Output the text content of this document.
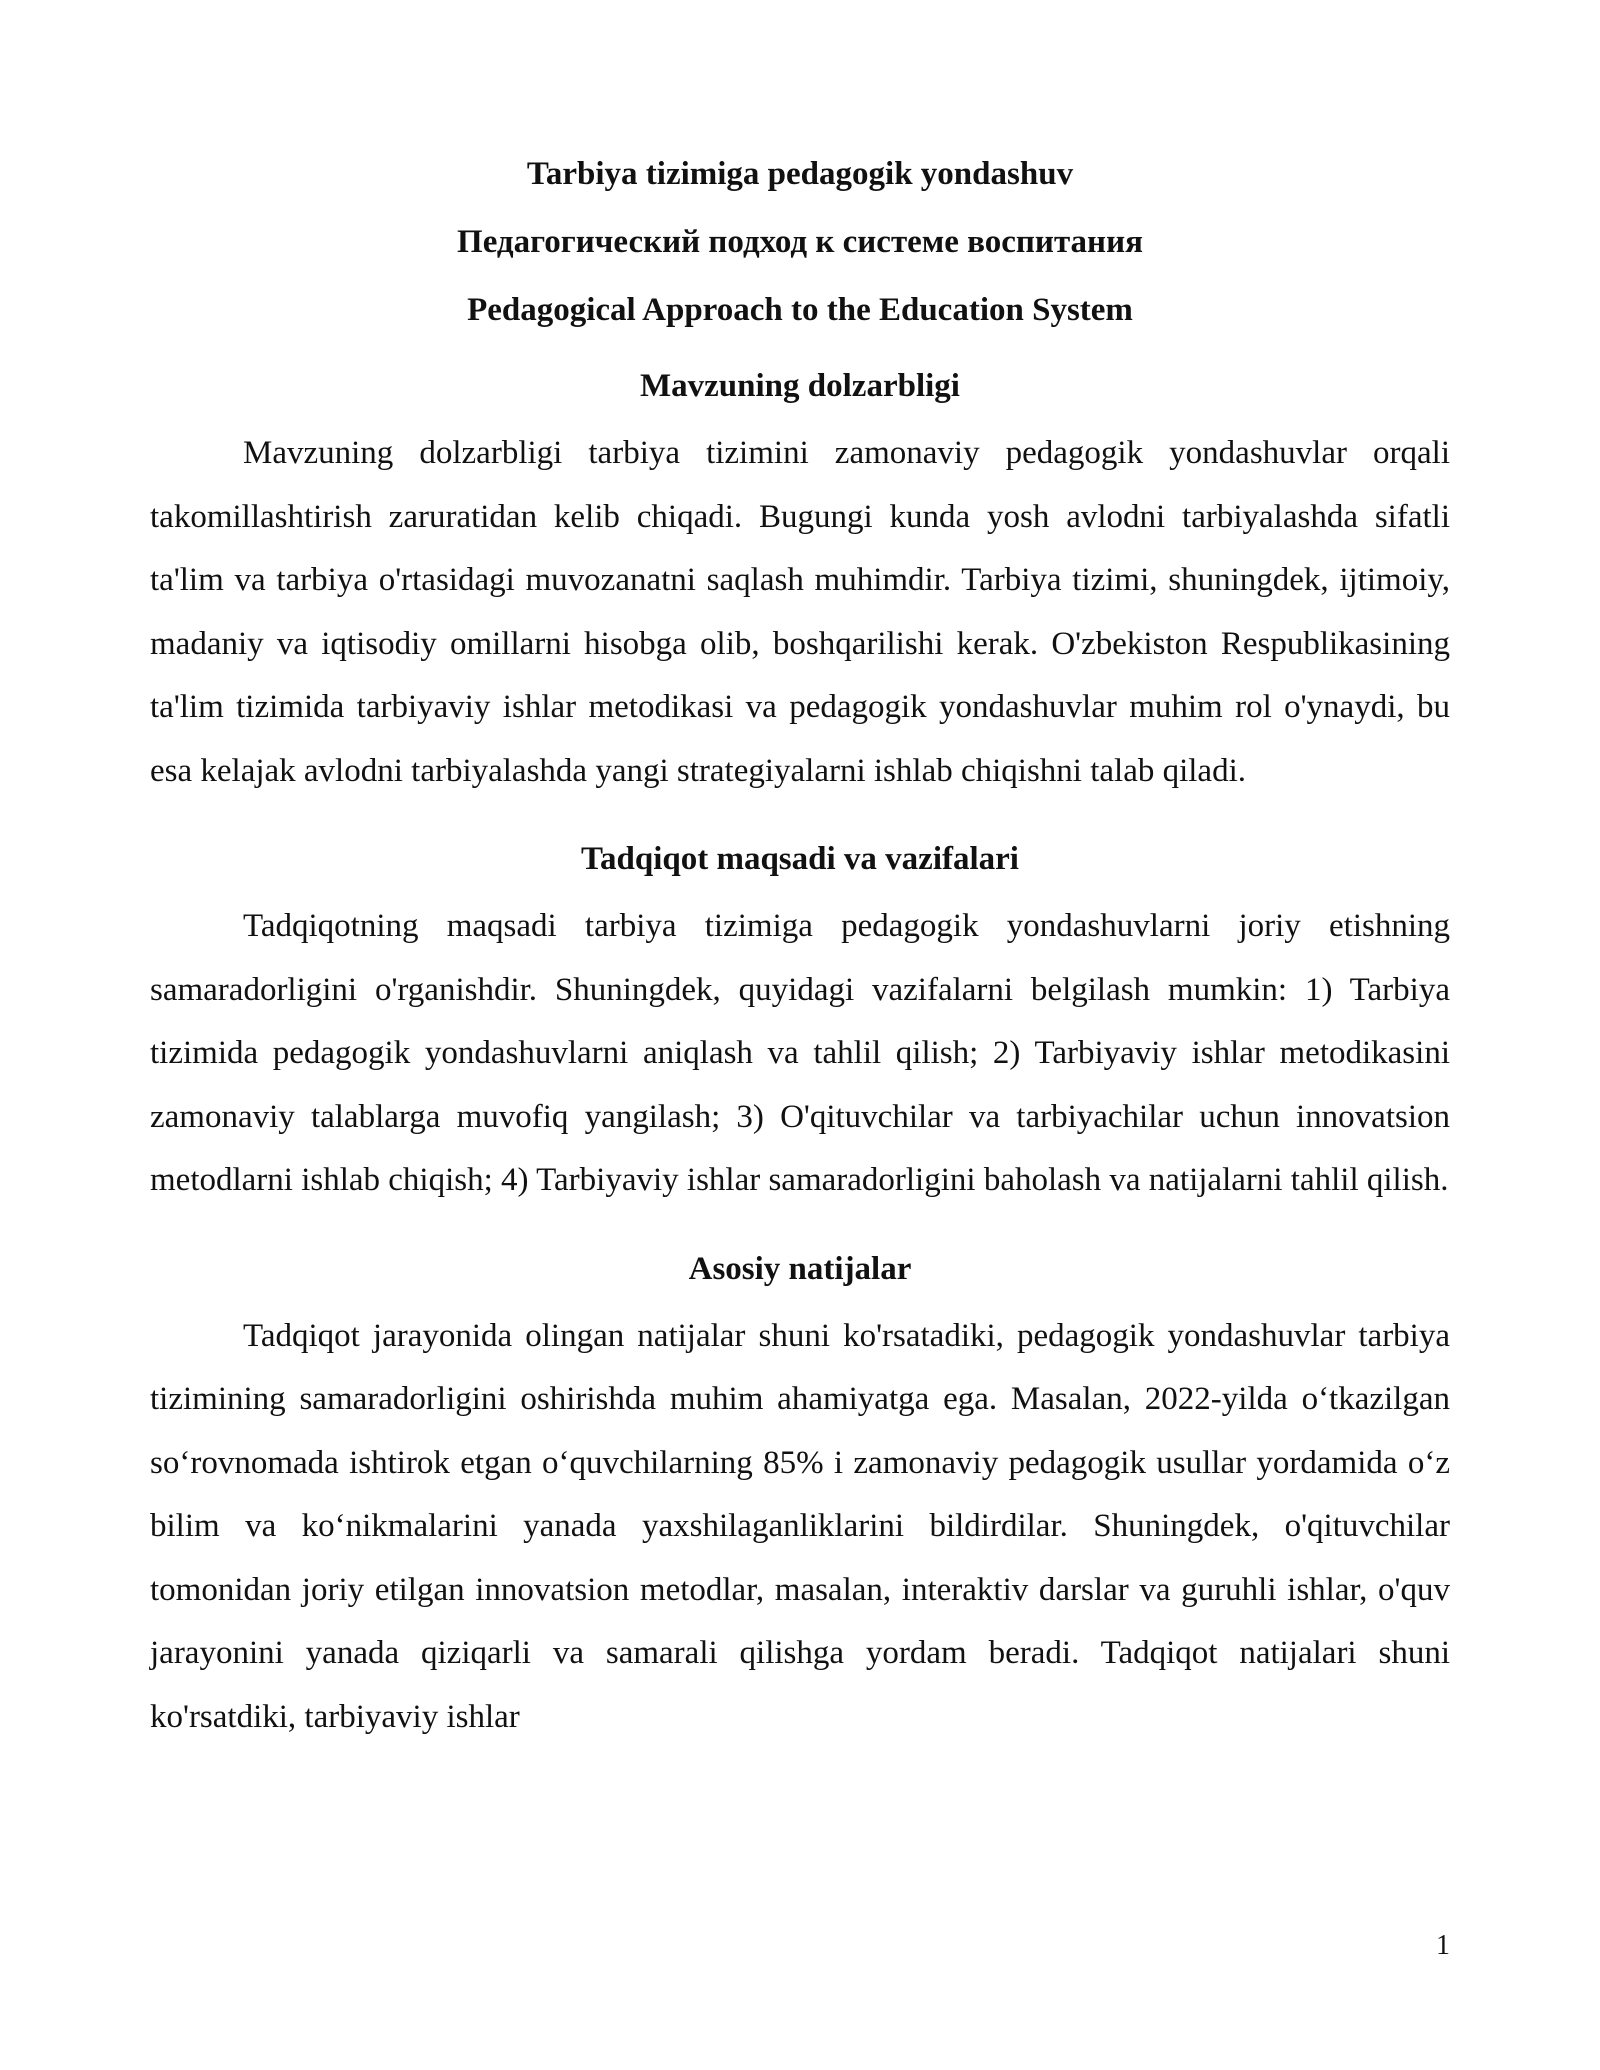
Tarbiya tizimiga pedagogik yondashuv

Педагогический подход к системе воспитания

Pedagogical Approach to the Education System

Mavzuning dolzarbligi

Mavzuning dolzarbligi tarbiya tizimini zamonaviy pedagogik yondashuvlar orqali takomillashtirish zaruratidan kelib chiqadi. Bugungi kunda yosh avlodni tarbiyalashda sifatli ta'lim va tarbiya o'rtasidagi muvozanatni saqlash muhimdir. Tarbiya tizimi, shuningdek, ijtimoiy, madaniy va iqtisodiy omillarni hisobga olib, boshqarilishi kerak. O'zbekiston Respublikasining ta'lim tizimida tarbiyaviy ishlar metodikasi va pedagogik yondashuvlar muhim rol o'ynaydi, bu esa kelajak avlodni tarbiyalashda yangi strategiyalarni ishlab chiqishni talab qiladi.

Tadqiqot maqsadi va vazifalari

Tadqiqotning maqsadi tarbiya tizimiga pedagogik yondashuvlarni joriy etishning samaradorligini o'rganishdir. Shuningdek, quyidagi vazifalarni belgilash mumkin: 1) Tarbiya tizimida pedagogik yondashuvlarni aniqlash va tahlil qilish; 2) Tarbiyaviy ishlar metodikasini zamonaviy talablarga muvofiq yangilash; 3) O'qituvchilar va tarbiyachilar uchun innovatsion metodlarni ishlab chiqish; 4) Tarbiyaviy ishlar samaradorligini baholash va natijalarni tahlil qilish.

Asosiy natijalar

Tadqiqot jarayonida olingan natijalar shuni ko'rsatadiki, pedagogik yondashuvlar tarbiya tizimining samaradorligini oshirishda muhim ahamiyatga ega. Masalan, 2022-yilda oʻtkazilgan soʻrovnomada ishtirok etgan oʻquvchilarning 85% i zamonaviy pedagogik usullar yordamida oʻz bilim va koʻnikmalarini yanada yaxshilaganliklarini bildirdilar. Shuningdek, o'qituvchilar tomonidan joriy etilgan innovatsion metodlar, masalan, interaktiv darslar va guruhli ishlar, o'quv jarayonini yanada qiziqarli va samarali qilishga yordam beradi. Tadqiqot natijalari shuni ko'rsatdiki, tarbiyaviy ishlar

1
